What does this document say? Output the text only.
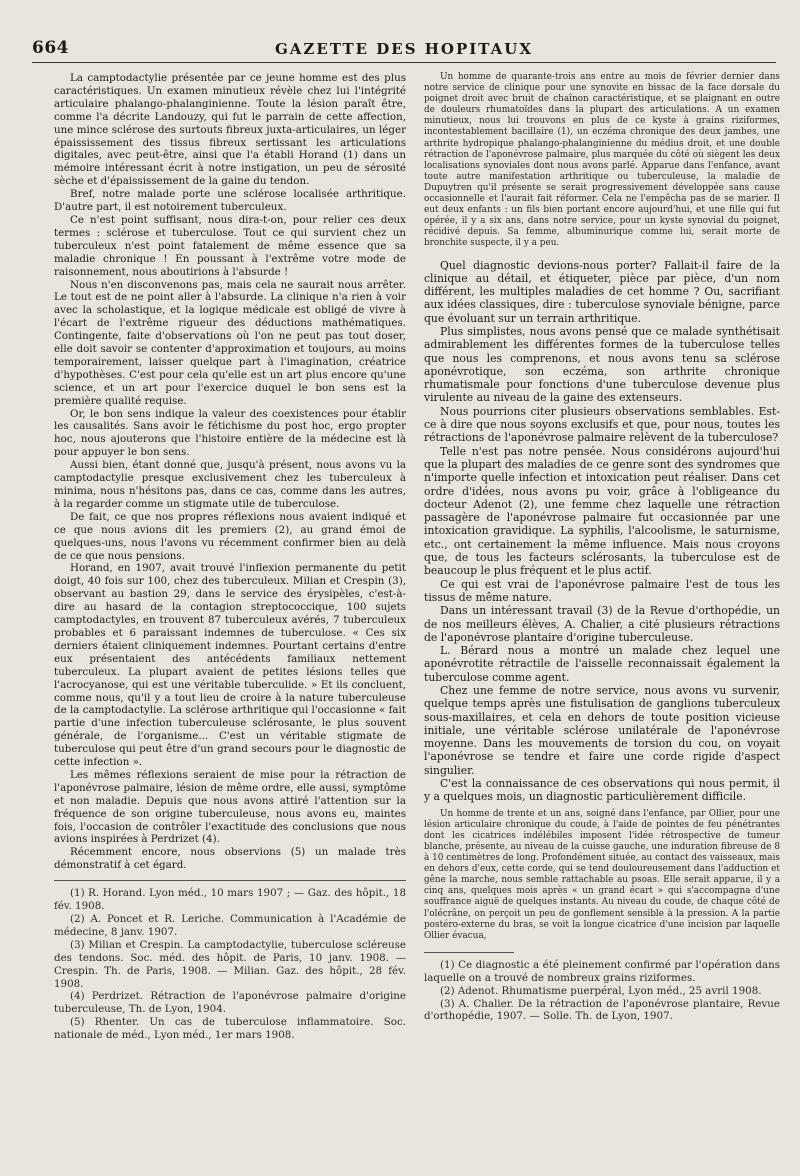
664	GAZETTE DES HOPITAUX

La camptodactylie présentée par ce jeune homme est des plus caractéristiques. Un examen minutieux révèle chez lui l'intégrité articulaire phalango-phalanginienne. Toute la lésion paraît être, comme l'a décrite Landouzy, qui fut le parrain de cette affection, une mince sclérose des surtouts fibreux juxta-articulaires, un léger épaississement des tissus fibreux sertissant les articulations digitales, avec peut-être, ainsi que l'a établi Horand (1) dans un mémoire intéressant écrit à notre instigation, un peu de sérosité sèche et d'épaississement de la gaine du tendon.

Bref, notre malade porte une sclérose localisée arthritique. D'autre part, il est notoirement tuberculeux.

Ce n'est point suffisant, nous dira-t-on, pour relier ces deux termes : sclérose et tuberculose. Tout ce qui survient chez un tuberculeux n'est point fatalement de même essence que sa maladie chronique ! En poussant à l'extrême votre mode de raisonnement, nous aboutirions à l'absurde !

Nous n'en disconvenons pas, mais cela ne saurait nous arrêter. Le tout est de ne point aller à l'absurde. La clinique n'a rien à voir avec la scholastique, et la logique médicale est obligé de vivre à l'écart de l'extrême rigueur des déductions mathématiques. Contingente, faite d'observations où l'on ne peut pas tout doser, elle doit savoir se contenter d'approximation et toujours, au moins temporairement, laisser quelque part à l'imagination, créatrice d'hypothèses. C'est pour cela qu'elle est un art plus encore qu'une science, et un art pour l'exercice duquel le bon sens est la première qualité requise.

Or, le bon sens indique la valeur des coexistences pour établir les causalités. Sans avoir le fétichisme du post hoc, ergo propter hoc, nous ajouterons que l'histoire entière de la médecine est là pour appuyer le bon sens.

Aussi bien, étant donné que, jusqu'à présent, nous avons vu la camptodactylie presque exclusivement chez les tuberculeux à minima, nous n'hésitons pas, dans ce cas, comme dans les autres, à la regarder comme un stigmate utile de tuberculose.

De fait, ce que nos propres réflexions nous avaient indiqué et ce que nous avions dit les premiers (2), au grand émoi de quelques-uns, nous l'avons vu récemment confirmer bien au delà de ce que nous pensions.

Horand, en 1907, avait trouvé l'inflexion permanente du petit doigt, 40 fois sur 100, chez des tuberculeux. Milian et Crespin (3), observant au bastion 29, dans le service des érysipèles, c'est-à-dire au hasard de la contagion streptococcique, 100 sujets camptodactyles, en trouvent 87 tuberculeux avérés, 7 tuberculeux probables et 6 paraissant indemnes de tuberculose. « Ces six derniers étaient cliniquement indemnes. Pourtant certains d'entre eux présentaient des antécédents familiaux nettement tuberculeux. La plupart avaient de petites lésions telles que l'acrocyanose, qui est une véritable tuberculide. » Et ils concluent, comme nous, qu'il y a tout lieu de croire à la nature tuberculeuse de la camptodactylie. La sclérose arthritique qui l'occasionne « fait partie d'une infection tuberculeuse sclérosante, le plus souvent générale, de l'organisme... C'est un véritable stigmate de tuberculose qui peut être d'un grand secours pour le diagnostic de cette infection ».

Les mêmes réflexions seraient de mise pour la rétraction de l'aponévrose palmaire, lésion de même ordre, elle aussi, symptôme et non maladie. Depuis que nous avons attiré l'attention sur la fréquence de son origine tuberculeuse, nous avons eu, maintes fois, l'occasion de contrôler l'exactitude des conclusions que nous avions inspirées à Perdrizet (4).

Récemment encore, nous observions (5) un malade très démonstratif à cet égard.

(1) R. Horand. Lyon méd., 10 mars 1907 ; — Gaz. des hôpit., 18 fév. 1908.

(2) A. Poncet et R. Leriche. Communication à l'Académie de médecine, 8 janv. 1907.

(3) Milian et Crespin. La camptodactylie, tuberculose scléreuse des tendons. Soc. méd. des hôpit. de Paris, 10 janv. 1908. — Crespin. Th. de Paris, 1908. — Milian. Gaz. des hôpit., 28 fév. 1908.

(4) Perdrizet. Rétraction de l'aponévrose palmaire d'origine tuberculeuse, Th. de Lyon, 1904.

(5) Rhenter. Un cas de tuberculose inflammatoire. Soc. nationale de méd., Lyon méd., 1er mars 1908.

Un homme de quarante-trois ans entre au mois de février dernier dans notre service de clinique pour une synovite en bissac de la face dorsale du poignet droit avec bruit de chaînon caractéristique, et se plaignant en outre de douleurs rhumatoïdes dans la plupart des articulations. A un examen minutieux, nous lui trouvons en plus de ce kyste à grains riziformes, incontestablement bacillaire (1), un eczéma chronique des deux jambes, une arthrite hydropique phalango-phalanginienne du médius droit, et une double rétraction de l'aponévrose palmaire, plus marquée du côté où siègent les deux localisations synoviales dont nous avons parlé. Apparue dans l'enfance, avant toute autre manifestation arthritique ou tuberculeuse, la maladie de Dupuytren qu'il présente se serait progressivement développée sans cause occasionnelle et l'aurait fait réformer. Cela ne l'empêcha pas de se marier. Il eut deux enfants : un fils bien portant encore aujourd'hui, et une fille qui fut opérée, il y a six ans, dans notre service, pour un kyste synovial du poignet, récidivé depuis. Sa femme, albuminurique comme lui, serait morte de bronchite suspecte, il y a peu.

Quel diagnostic devions-nous porter? Fallait-il faire de la clinique au détail, et étiqueter, pièce par pièce, d'un nom différent, les multiples maladies de cet homme ? Ou, sacrifiant aux idées classiques, dire : tuberculose synoviale bénigne, parce que évoluant sur un terrain arthritique.

Plus simplistes, nous avons pensé que ce malade synthétisait admirablement les différentes formes de la tuberculose telles que nous les comprenons, et nous avons tenu sa sclérose aponévrotique, son eczéma, son arthrite chronique rhumatismale pour fonctions d'une tuberculose devenue plus virulente au niveau de la gaine des extenseurs.

Nous pourrions citer plusieurs observations semblables. Est-ce à dire que nous soyons exclusifs et que, pour nous, toutes les rétractions de l'aponévrose palmaire relèvent de la tuberculose?

Telle n'est pas notre pensée. Nous considérons aujourd'hui que la plupart des maladies de ce genre sont des syndromes que n'importe quelle infection et intoxication peut réaliser. Dans cet ordre d'idées, nous avons pu voir, grâce à l'obligeance du docteur Adenot (2), une femme chez laquelle une rétraction passagère de l'aponévrose palmaire fut occasionnée par une intoxication gravidique. La syphilis, l'alcoolisme, le saturnisme, etc., ont certainement la même influence. Mais nous croyons que, de tous les facteurs sclérosants, la tuberculose est de beaucoup le plus fréquent et le plus actif.

Ce qui est vrai de l'aponévrose palmaire l'est de tous les tissus de même nature.

Dans un intéressant travail (3) de la Revue d'orthopédie, un de nos meilleurs élèves, A. Chalier, a cité plusieurs rétractions de l'aponévrose plantaire d'origine tuberculeuse.

L. Bérard nous a montré un malade chez lequel une aponévrotite rétractile de l'aisselle reconnaissait également la tuberculose comme agent.

Chez une femme de notre service, nous avons vu survenir, quelque temps après une fistulisation de ganglions tuberculeux sous-maxillaires, et cela en dehors de toute position vicieuse initiale, une véritable sclérose unilatérale de l'aponévrose moyenne. Dans les mouvements de torsion du cou, on voyait l'aponévrose se tendre et faire une corde rigide d'aspect singulier.

C'est la connaissance de ces observations qui nous permit, il y a quelques mois, un diagnostic particulièrement difficile.

Un homme de trente et un ans, soigné dans l'enfance, par Ollier, pour une lésion articulaire chronique du coude, à l'aide de pointes de feu pénétrantes dont les cicatrices indélébiles imposent l'idée rétrospective de tumeur blanche, présente, au niveau de la cuisse gauche, une induration fibreuse de 8 à 10 centimètres de long. Profondément située, au contact des vaisseaux, mais en dehors d'eux, cette corde, qui se tend douloureusement dans l'adduction et gêne la marche, nous semble rattachable au psoas. Elle serait apparue, il y a cinq ans, quelques mois après « un grand écart » qui s'accompagna d'une souffrance aiguë de quelques instants. Au niveau du coude, de chaque côté de l'olécrâne, on perçoit un peu de gonflement sensible à la pression. A la partie postéro-externe du bras, se voit la longue cicatrice d'une incision par laquelle Ollier évacua,

(1) Ce diagnostic a été pleinement confirmé par l'opération dans laquelle on a trouvé de nombreux grains riziformes.

(2) Adenot. Rhumatisme puerpéral, Lyon méd., 25 avril 1908.

(3) A. Chalier. De la rétraction de l'aponévrose plantaire, Revue d'orthopédie, 1907. — Solle. Th. de Lyon, 1907.
